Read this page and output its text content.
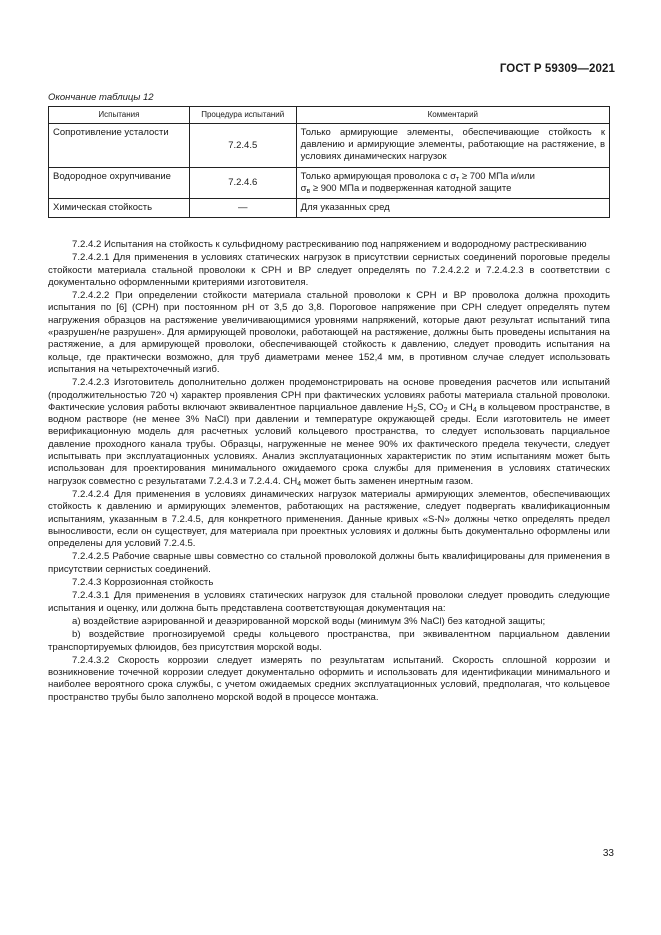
ГОСТ Р 59309—2021
Окончание таблицы 12
Испытания	Процедура испытаний	Комментарий
Сопротивление усталости	7.2.4.5	Только армирующие элементы, обеспечивающие стойкость к давлению и армирующие элементы, работающие на растяжение, в условиях динамических нагрузок
Водородное охрупчивание	7.2.4.6	Только армирующая проволока с $\sigma_т \ge 700$ МПа и/или
$\sigma_в \ge 900$ МПа и подверженная катодной защите
Химическая стойкость	—	Для указанных сред

7.2.4.2 Испытания на стойкость к сульфидному растрескиванию под напряжением и водородному растрескиванию

7.2.4.2.1 Для применения в условиях статических нагрузок в присутствии сернистых соединений пороговые пределы стойкости материала стальной проволоки к СРН и ВР следует определять по 7.2.4.2.2 и 7.2.4.2.3 в соответствии с документально оформленными критериями изготовителя.

7.2.4.2.2 При определении стойкости материала стальной проволоки к СРН и ВР проволока должна проходить испытания по [6] (СРН) при постоянном рН от 3,5 до 3,8. Пороговое напряжение при СРН следует определять путем нагружения образцов на растяжение увеличивающимися уровнями напряжений, которые дают результат испытаний типа «разрушен/не разрушен». Для армирующей проволоки, работающей на растяжение, должны быть проведены испытания на растяжение, а для армирующей проволоки, обеспечивающей стойкость к давлению, следует проводить испытания на кольце, где практически возможно, для труб диаметрами менее 152,4 мм, в противном случае следует использовать испытания на четырехточечный изгиб.

7.2.4.2.3 Изготовитель дополнительно должен продемонстрировать на основе проведения расчетов или испытаний (продолжительностью 720 ч) характер проявления СРН при фактических условиях работы материала стальной проволоки. Фактические условия работы включают эквивалентное парциальное давление $H_2S$, $CO_2$ и $CH_4$ в кольцевом пространстве, в водном растворе (не менее 3% NaCl) при давлении и температуре окружающей среды. Если изготовитель не имеет верификационную модель для расчетных условий кольцевого пространства, то следует использовать парциальное давление проходного канала трубы. Образцы, нагруженные не менее 90% их фактического предела текучести, следует испытывать при эксплуатационных условиях. Анализ эксплуатационных характеристик по этим испытаниям может быть использован для проектирования минимального ожидаемого срока службы для применения в условиях статических нагрузок совместно с результатами 7.2.4.3 и 7.2.4.4. $CH_4$ может быть заменен инертным газом.

7.2.4.2.4 Для применения в условиях динамических нагрузок материалы армирующих элементов, обеспечивающих стойкость к давлению и армирующих элементов, работающих на растяжение, следует подвергать квалификационным испытаниям, указанным в 7.2.4.5, для конкретного применения. Данные кривых «S-N» должны четко определять предел выносливости, если он существует, для материала при проектных условиях и должны быть документально оформлены или определены для условий 7.2.4.5.

7.2.4.2.5 Рабочие сварные швы совместно со стальной проволокой должны быть квалифицированы для применения в присутствии сернистых соединений.

7.2.4.3 Коррозионная стойкость

7.2.4.3.1 Для применения в условиях статических нагрузок для стальной проволоки следует проводить следующие испытания и оценку, или должна быть представлена соответствующая документация на:

а) воздействие аэрированной и деаэрированной морской воды (минимум 3% NaCl) без катодной защиты;

b) воздействие прогнозируемой среды кольцевого пространства, при эквивалентном парциальном давлении транспортируемых флюидов, без присутствия морской воды.

7.2.4.3.2 Скорость коррозии следует измерять по результатам испытаний. Скорость сплошной коррозии и возникновение точечной коррозии следует документально оформить и использовать для идентификации минимального и наиболее вероятного срока службы, с учетом ожидаемых средних эксплуатационных условий, предполагая, что кольцевое пространство трубы было заполнено морской водой в процессе монтажа.

33
